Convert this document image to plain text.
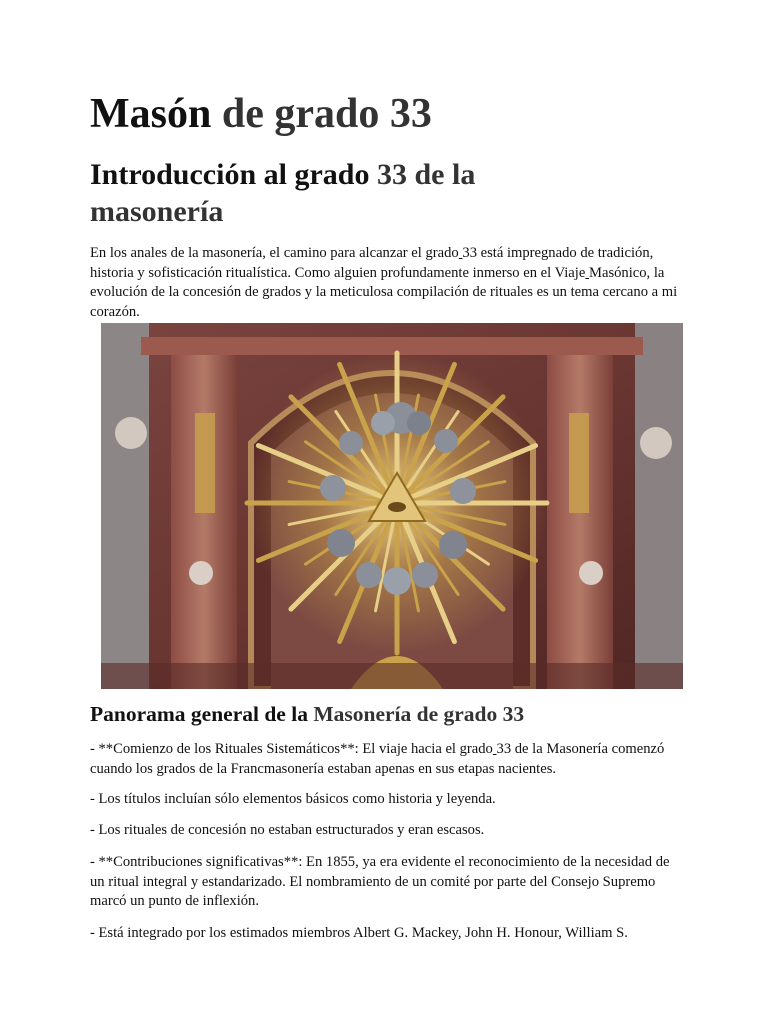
Masón de grado 33
Introducción al grado 33 de la masonería

En los anales de la masonería, el camino para alcanzar el grado 33 está impregnado de tradición, historia y sofisticación ritualística. Como alguien profundamente inmerso en el Viaje Masónico, la evolución de la concesión de grados y la meticulosa compilación de rituales es un tema cercano a mi corazón.

Panorama general de la Masonería de grado 33

- **Comienzo de los Rituales Sistemáticos**: El viaje hacia el grado 33 de la Masonería comenzó cuando los grados de la Francmasonería estaban apenas en sus etapas nacientes.

- Los títulos incluían sólo elementos básicos como historia y leyenda.

- Los rituales de concesión no estaban estructurados y eran escasos.

- **Contribuciones significativas**: En 1855, ya era evidente el reconocimiento de la necesidad de un ritual integral y estandarizado. El nombramiento de un comité por parte del Consejo Supremo marcó un punto de inflexión.

- Está integrado por los estimados miembros Albert G. Mackey, John H. Honour, William S.
